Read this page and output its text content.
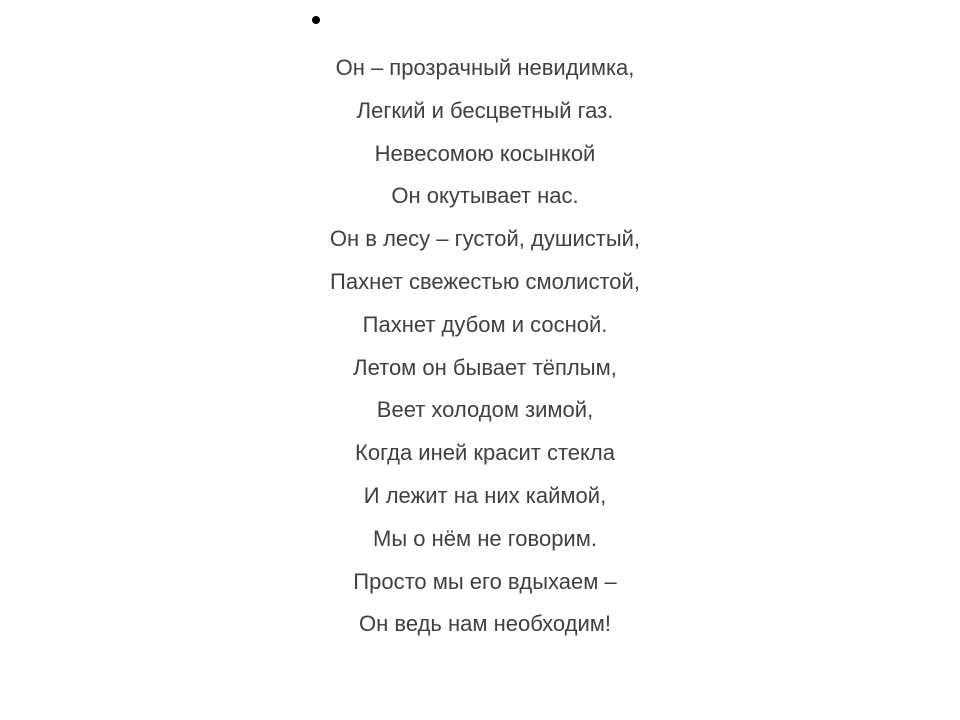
Он – прозрачный невидимка,
Легкий и бесцветный газ.
Невесомою косынкой
Он окутывает нас.
Он в лесу – густой, душистый,
Пахнет свежестью смолистой,
Пахнет дубом и сосной.
Летом он бывает тёплым,
Веет холодом зимой,
Когда иней красит стекла
И лежит на них каймой,
Мы о нём не говорим.
Просто мы его вдыхаем –
Он ведь нам необходим!
